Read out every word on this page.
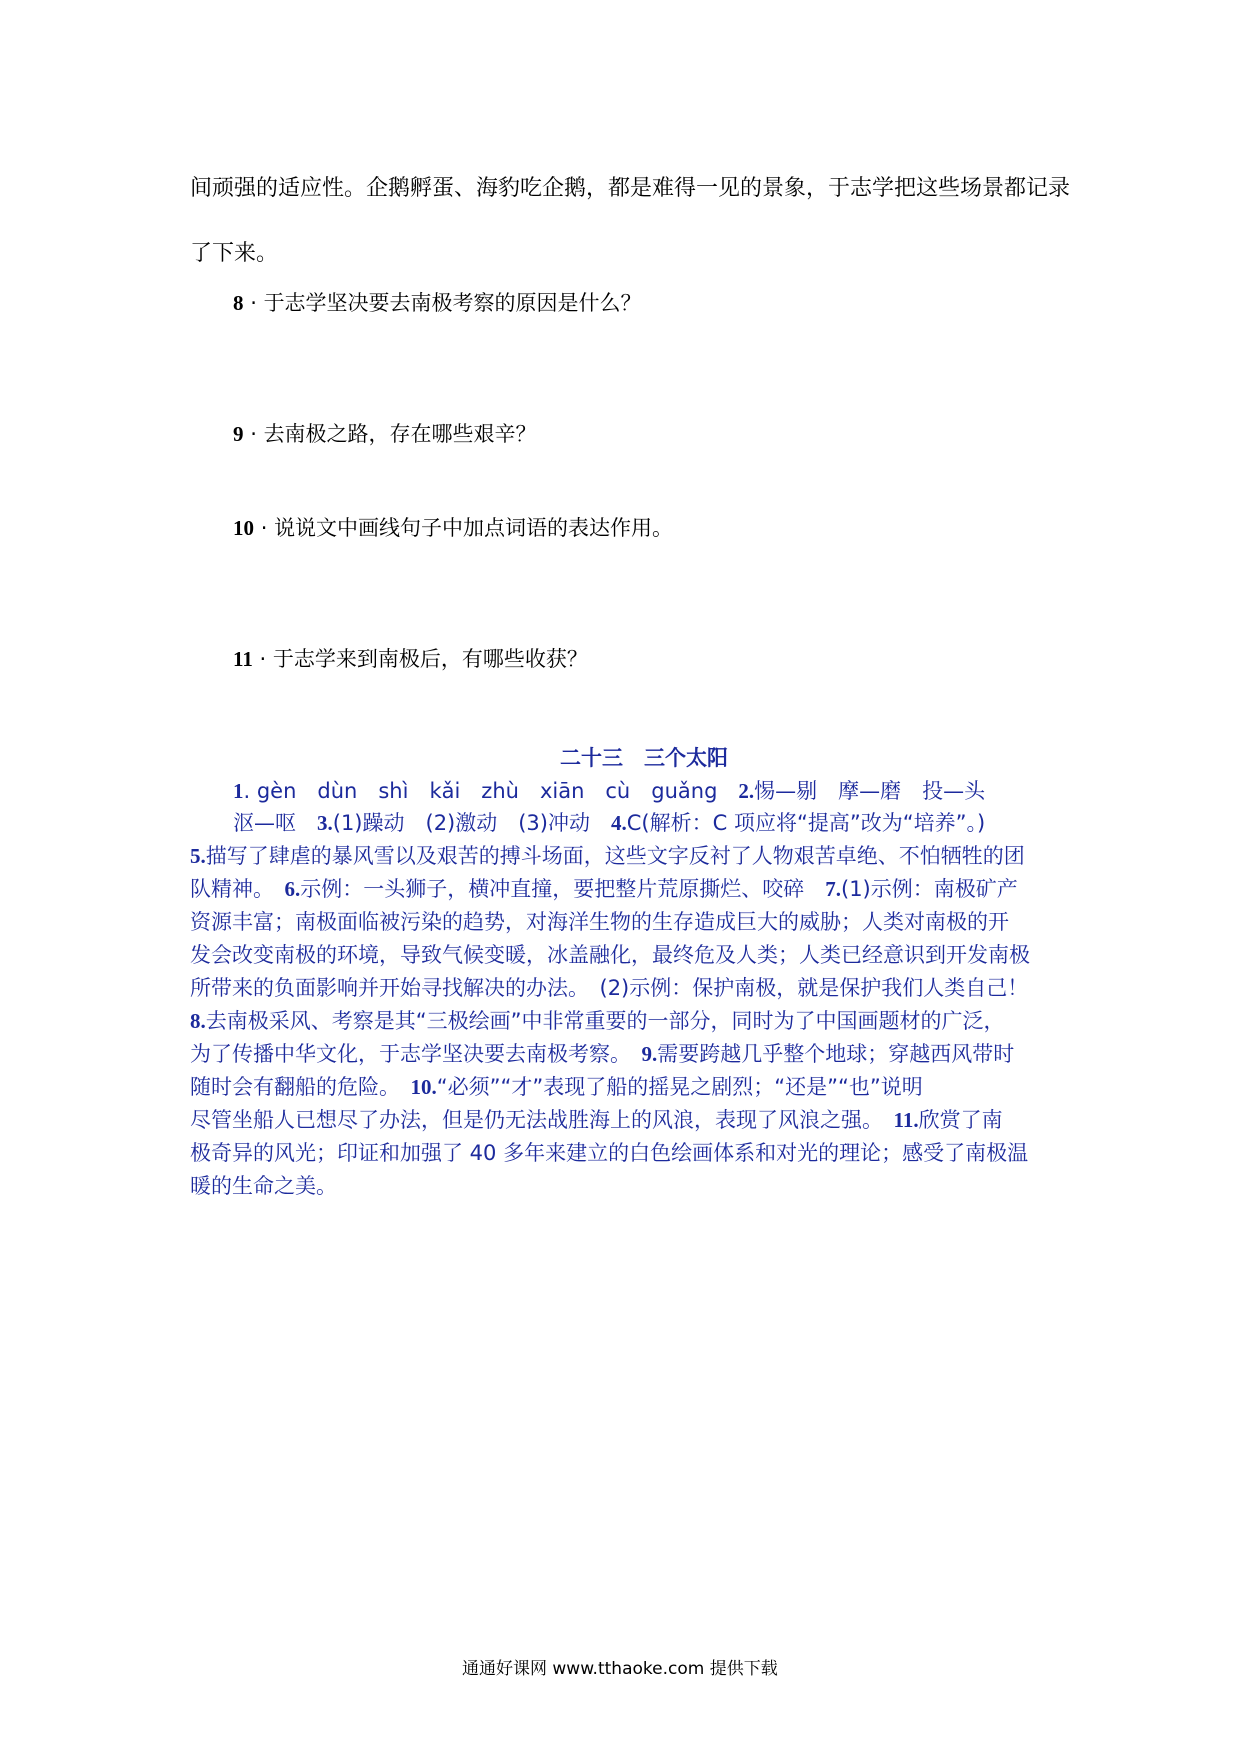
间顽强的适应性。企鹅孵蛋、海豹吃企鹅，都是难得一见的景象，于志学把这些场景都记录
了下来。
8 · 于志学坚决要去南极考察的原因是什么？
9 · 去南极之路，存在哪些艰辛？
10 · 说说文中画线句子中加点词语的表达作用。
11 · 于志学来到南极后，有哪些收获？
二十三　三个太阳
1. gèn　dùn　shì　kǎi　zhù　xiān　cù　guǎng　2.惕—剔　摩—磨　投—头
沤—呕　3.(1)躁动　(2)激动　(3)冲动　4.C(解析：C 项应将“提高”改为“培养”。)
5.描写了肆虐的暴风雪以及艰苦的搏斗场面，这些文字反衬了人物艰苦卓绝、不怕牺牲的团
队精神。　6.示例：一头狮子，横冲直撞，要把整片荒原撕烂、咬碎　7.(1)示例：南极矿产
资源丰富；南极面临被污染的趋势，对海洋生物的生存造成巨大的威胁；人类对南极的开
发会改变南极的环境，导致气候变暖，冰盖融化，最终危及人类；人类已经意识到开发南极
所带来的负面影响并开始寻找解决的办法。　(2)示例：保护南极，就是保护我们人类自己！
8.去南极采风、考察是其“三极绘画”中非常重要的一部分，同时为了中国画题材的广泛，
为了传播中华文化，于志学坚决要去南极考察。　9.需要跨越几乎整个地球；穿越西风带时
随时会有翻船的危险。　10.“必须”“才”表现了船的摇晃之剧烈；“还是”“也”说明
尽管坐船人已想尽了办法，但是仍无法战胜海上的风浪，表现了风浪之强。　11.欣赏了南
极奇异的风光；印证和加强了 40 多年来建立的白色绘画体系和对光的理论；感受了南极温
暖的生命之美。
通通好课网 www.tthaoke.com 提供下载
